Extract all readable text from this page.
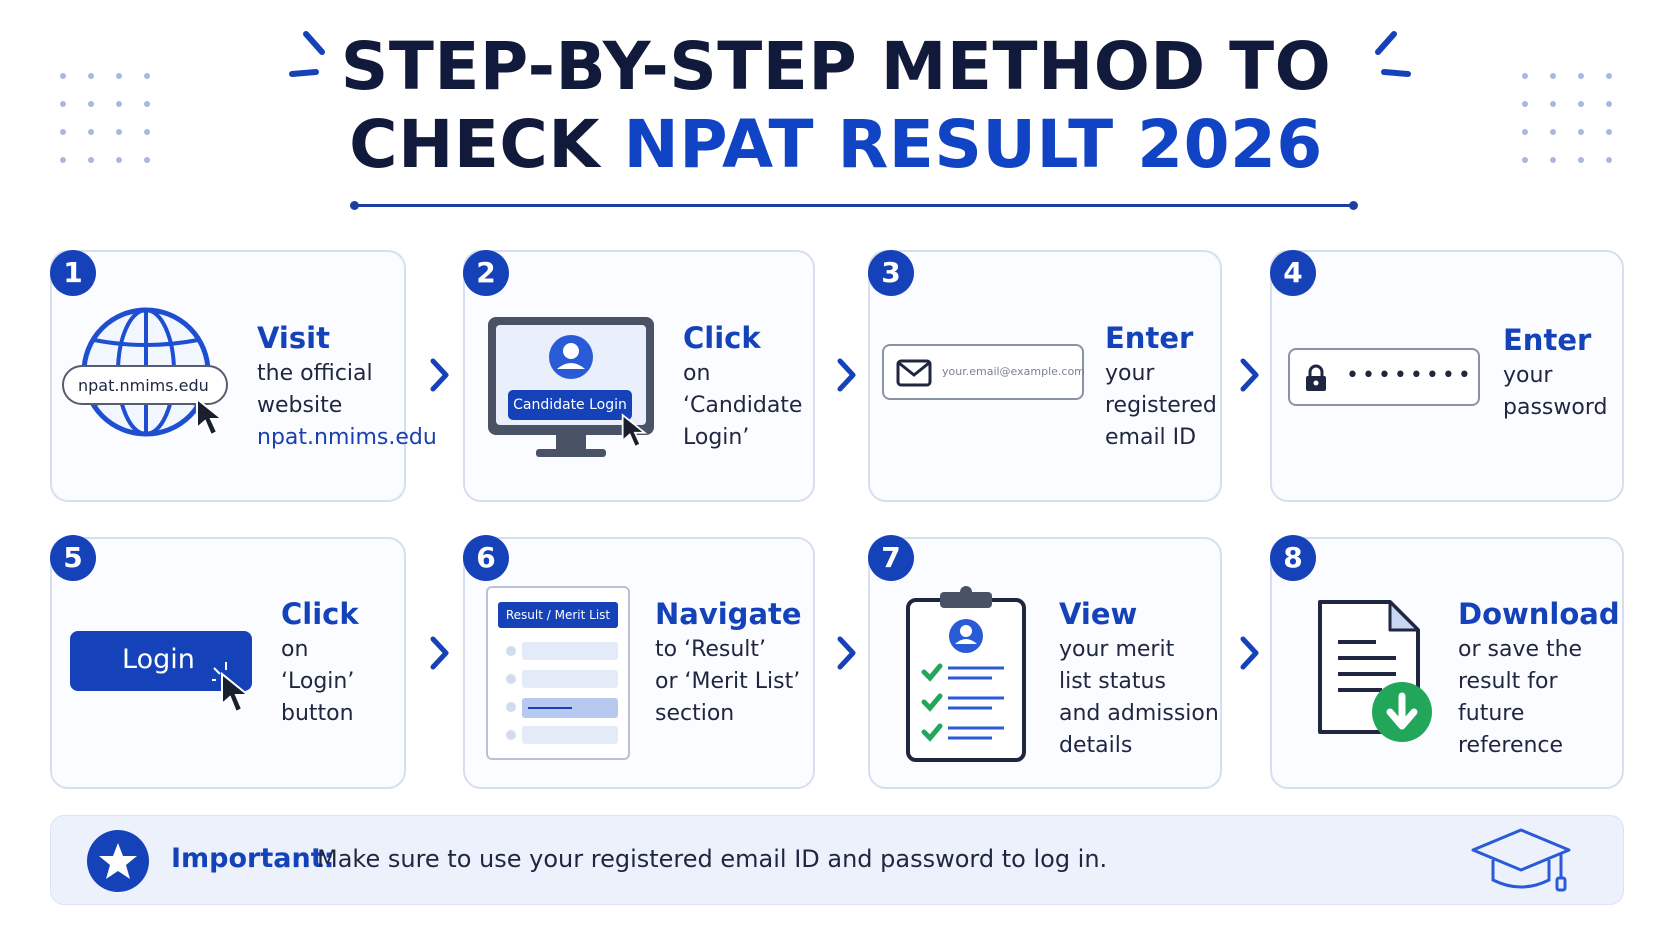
STEP-BY-STEP METHOD TO
CHECK NPAT RESULT 2026
1
npat.nmims.edu
Visit
the official
website
npat.nmims.edu
2
Candidate Login
Click
on
‘Candidate
Login’
3
your.email@example.com
Enter
your
registered
email ID
4
••••••••
Enter
your
password
5
Login
Click
on
‘Login’
button
6
Result / Merit List Navigate
to ‘Result’
or ‘Merit List’
section
7
View
your merit
list status
and admission
details
8
Download
or save the
result for
future
reference
Important:
Make sure to use your registered email ID and password to log in.
